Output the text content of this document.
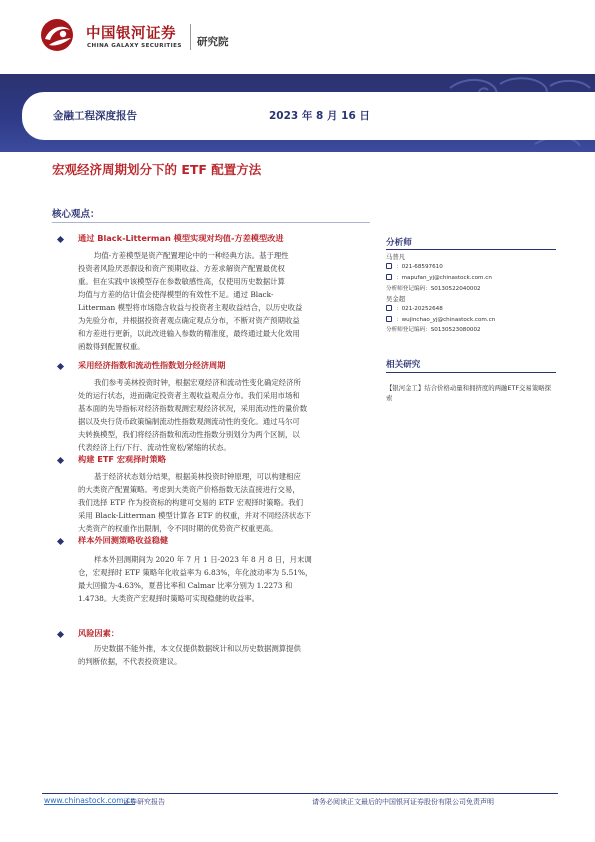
中国银河证券
CHINA GALAXY SECURITIES 研究院
金融工程深度报告	2023 年 8 月 16 日
宏观经济周期划分下的 ETF 配置方法
核心观点：
通过 Black-Litterman 模型实现对均值-方差模型改进
均值-方差模型是资产配置理论中的一种经典方法。基于理性
投资者风险厌恶假设和资产预期收益、方差求解资产配置最优权
重。但在实践中该模型存在参数敏感性高，仅使用历史数据计算
均值与方差的估计值会使得模型的有效性不足。通过 Black-
Litterman 模型将市场隐含收益与投资者主观收益结合，以历史收益
为先验分布，并根据投资者观点确定观点分布，不断对资产预期收益
和方差进行更新，以此改进输入参数的精准度，最终通过最大化效用
函数得到配置权重。
采用经济指数和流动性指数划分经济周期
我们参考美林投资时钟，根据宏观经济和流动性变化确定经济所
处的运行状态，进而确定投资者主观收益观点分布。我们采用市场和
基本面的先导指标对经济指数观测宏观经济状况，采用流动性的量价数
据以及央行货币政策编制流动性指数观测流动性的变化。通过马尔可
夫转换模型，我们将经济指数和流动性指数分别划分为两个区制，以
代表经济上行/下行、流动性宽松/紧缩的状态。
构建 ETF 宏观择时策略
基于经济状态划分结果，根据美林投资时钟原理，可以构建相应
的大类资产配置策略。考虑到大类资产价格指数无法直接进行交易，
我们选择 ETF 作为投资标的构建可交易的 ETF 宏观择时策略。我们
采用 Black-Litterman 模型计算各 ETF 的权重，并对不同经济状态下
大类资产的权重作出限制，令不同时期的优势资产权重更高。
样本外回测策略收益稳健
样本外回测期间为 2020 年 7 月 1 日-2023 年 8 月 8 日，月末调
仓，宏观择时 ETF 策略年化收益率为 6.83%，年化波动率为 5.51%，
最大回撤为-4.63%，夏普比率和 Calmar 比率分别为 1.2273 和
1.4738。大类资产宏观择时策略可实现稳健的收益率。
风险因素：
历史数据不能外推，本文仅提供数据统计和以历史数据测算提供
的判断依据，不代表投资建议。
分析师
马普凡
：021-68597610
：mapufan_yj@chinastock.com.cn
分析师登记编码：S0130522040002
吴金超
：021-20252648
：wujinchao_yj@chinastock.com.cn
分析师登记编码：S0130523080002
相关研究
【银河金工】结合价格动量和拥挤度的两融ETF交易策略探索
www.chinastock.com.cn
证券研究报告	请务必阅读正文最后的中国银河证券股份有限公司免责声明
